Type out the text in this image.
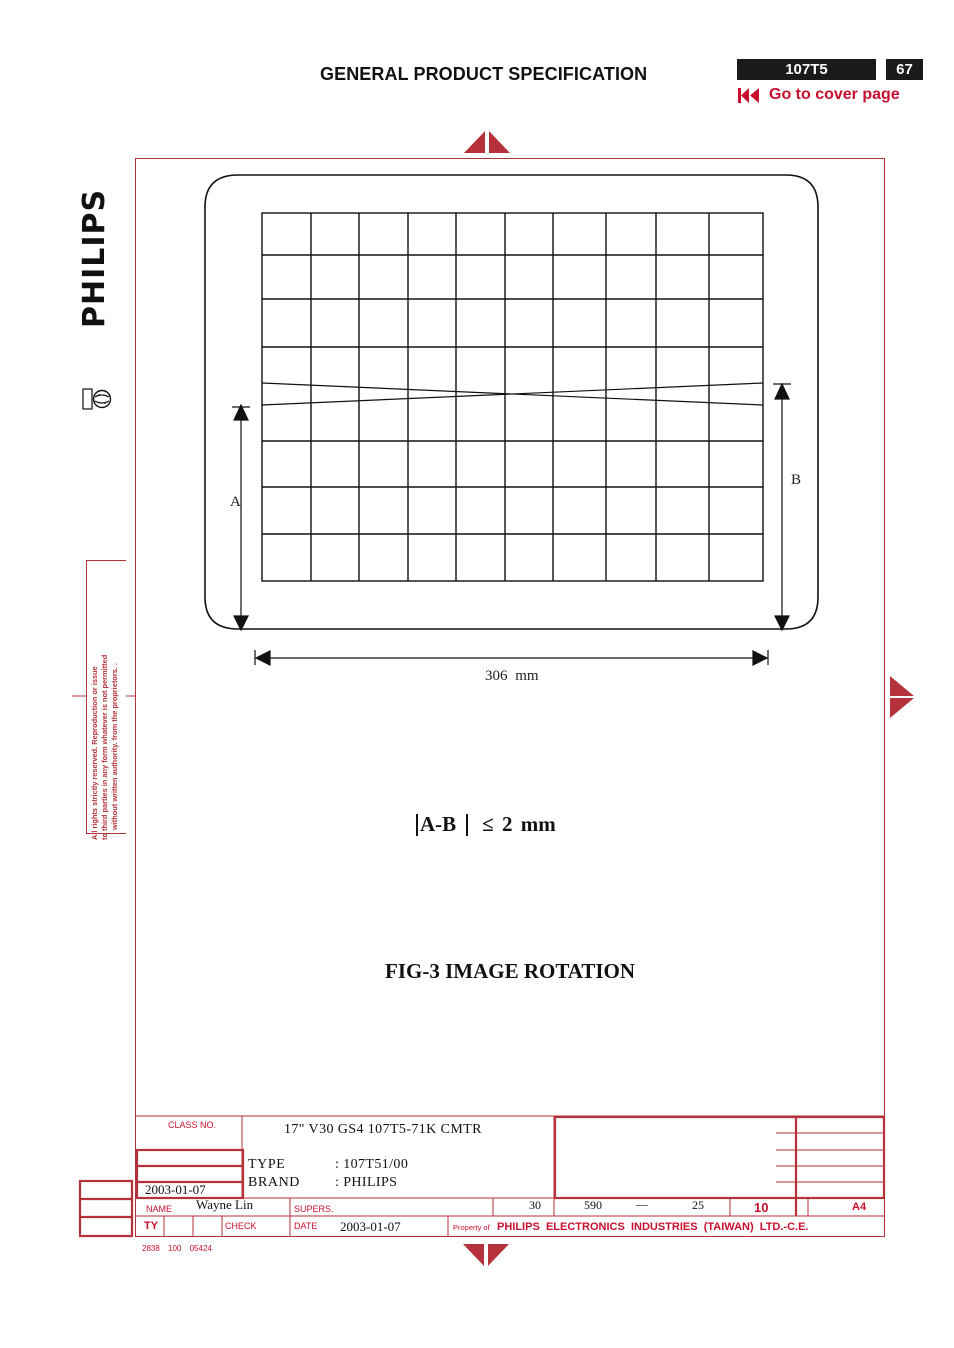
GENERAL PRODUCT SPECIFICATION	107T5	67
Go to cover page
PHILIPS
All rights strictly reserved. Reproduction or issue to third parties in any form whatever is not permitted without written authority. from the proprietors. .
A
B
306 mm
A-B ≤ 2 mm
FIG-3 IMAGE ROTATION
CLASS NO.	17" V30 GS4 107T5-71K CMTR
TYPE	: 107T51/00
BRAND : PHILIPS
2003-01-07
NAME Wayne Lin	SUPERS.	30	590	—	25	10	A4
TY	CHECK	DATE 2003-01-07	Property of PHILIPS   ELECTRONICS   INDUSTRIES   (TAIWAN)   LTD.-C.E.
2838 100 05424
